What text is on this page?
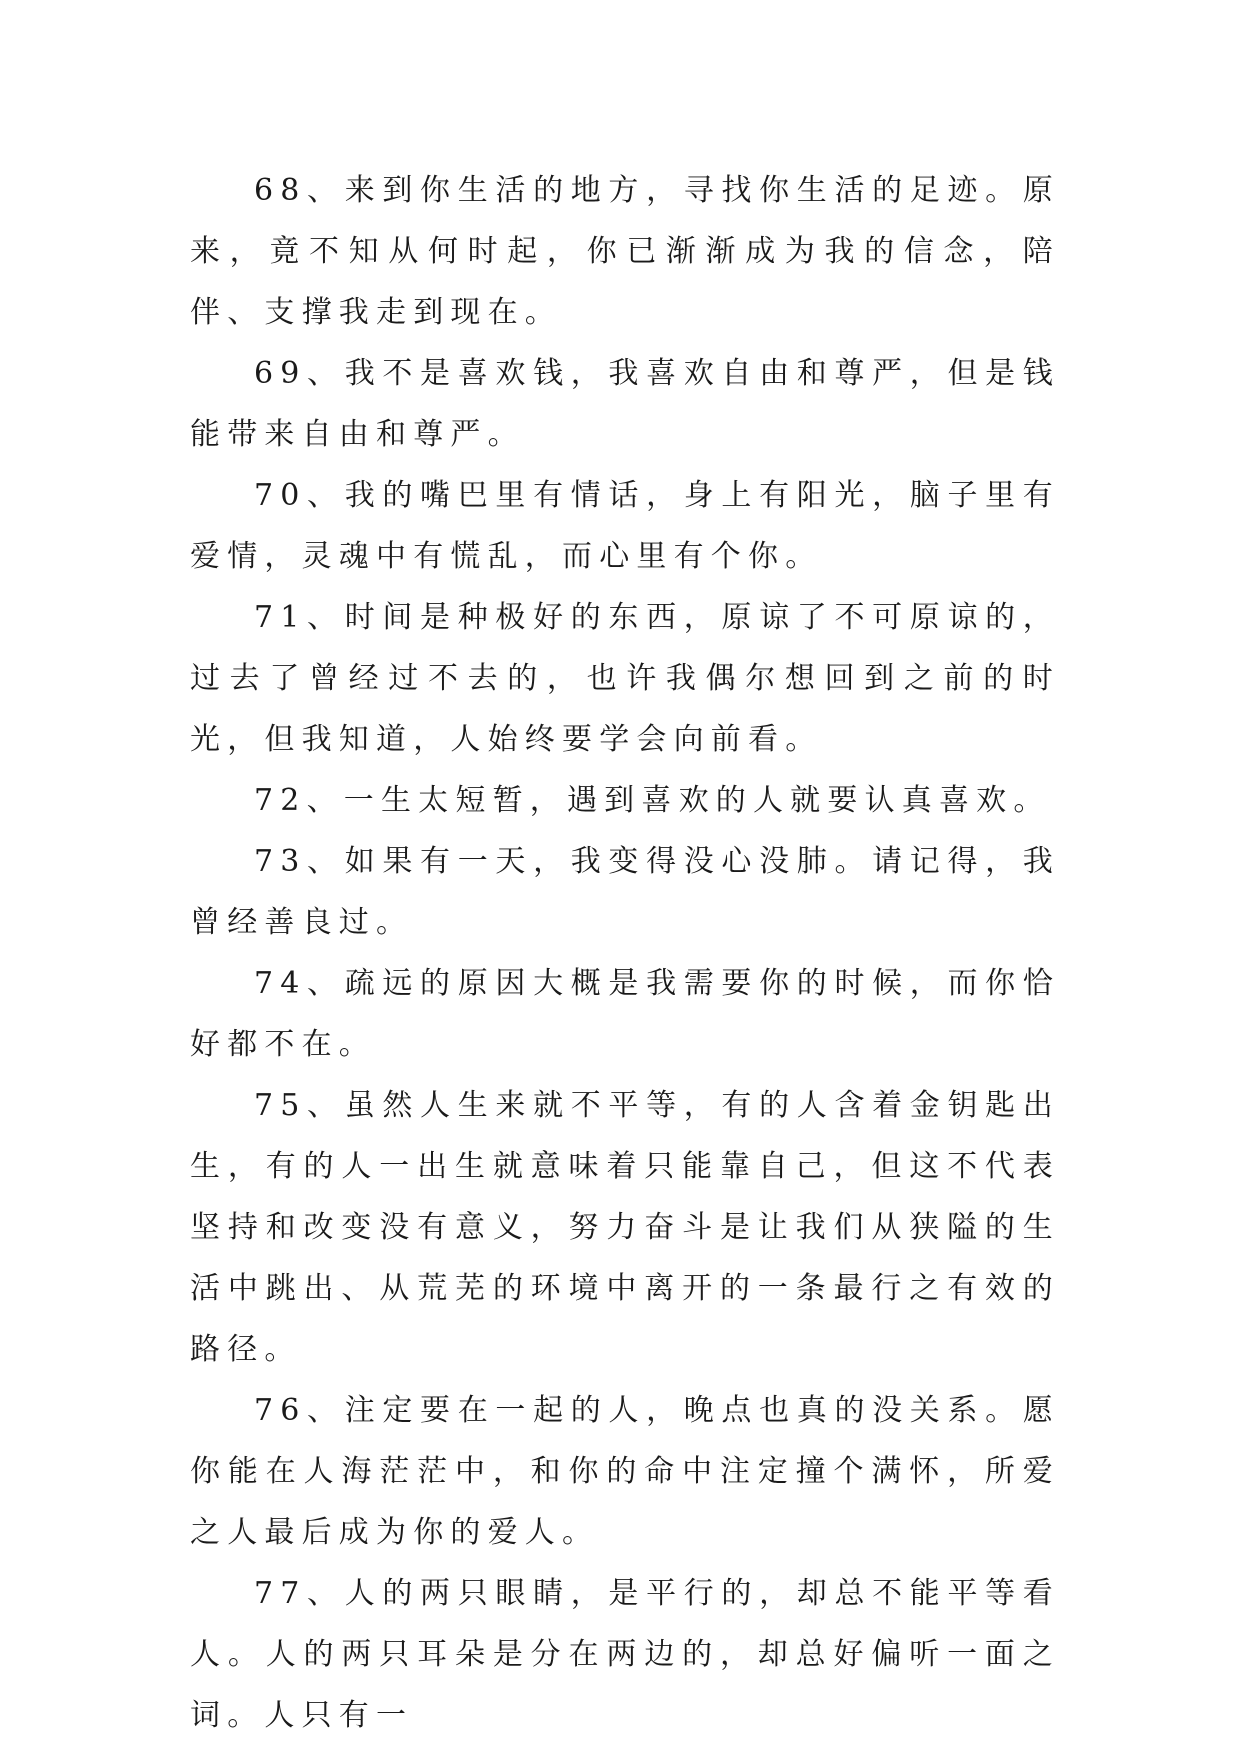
68、来到你生活的地方，寻找你生活的足迹。原来，竟不知从何时起，你已渐渐成为我的信念，陪伴、支撑我走到现在。

69、我不是喜欢钱，我喜欢自由和尊严，但是钱能带来自由和尊严。

70、我的嘴巴里有情话，身上有阳光，脑子里有爱情，灵魂中有慌乱，而心里有个你。

71、时间是种极好的东西，原谅了不可原谅的，过去了曾经过不去的，也许我偶尔想回到之前的时光，但我知道，人始终要学会向前看。

72、一生太短暂，遇到喜欢的人就要认真喜欢。

73、如果有一天，我变得没心没肺。请记得，我曾经善良过。

74、疏远的原因大概是我需要你的时候，而你恰好都不在。

75、虽然人生来就不平等，有的人含着金钥匙出生，有的人一出生就意味着只能靠自己，但这不代表坚持和改变没有意义，努力奋斗是让我们从狭隘的生活中跳出、从荒芜的环境中离开的一条最行之有效的路径。

76、注定要在一起的人，晚点也真的没关系。愿你能在人海茫茫中，和你的命中注定撞个满怀，所爱之人最后成为你的爱人。

77、人的两只眼睛，是平行的，却总不能平等看人。人的两只耳朵是分在两边的，却总好偏听一面之词。人只有一
